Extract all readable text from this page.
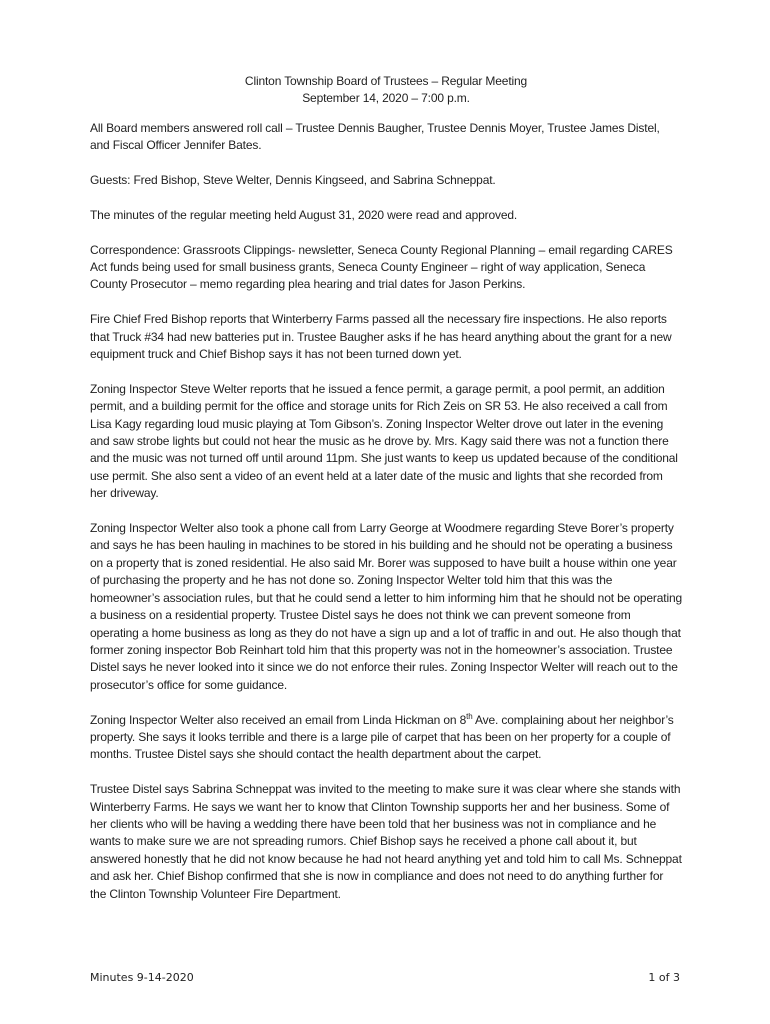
Clinton Township Board of Trustees – Regular Meeting
September 14, 2020 – 7:00 p.m.

All Board members answered roll call – Trustee Dennis Baugher, Trustee Dennis Moyer, Trustee James Distel, and Fiscal Officer Jennifer Bates.

Guests: Fred Bishop, Steve Welter, Dennis Kingseed, and Sabrina Schneppat.

The minutes of the regular meeting held August 31, 2020 were read and approved.

Correspondence: Grassroots Clippings- newsletter, Seneca County Regional Planning – email regarding CARES Act funds being used for small business grants, Seneca County Engineer – right of way application, Seneca County Prosecutor – memo regarding plea hearing and trial dates for Jason Perkins.

Fire Chief Fred Bishop reports that Winterberry Farms passed all the necessary fire inspections. He also reports that Truck #34 had new batteries put in. Trustee Baugher asks if he has heard anything about the grant for a new equipment truck and Chief Bishop says it has not been turned down yet.

Zoning Inspector Steve Welter reports that he issued a fence permit, a garage permit, a pool permit, an addition permit, and a building permit for the office and storage units for Rich Zeis on SR 53. He also received a call from Lisa Kagy regarding loud music playing at Tom Gibson’s. Zoning Inspector Welter drove out later in the evening and saw strobe lights but could not hear the music as he drove by. Mrs. Kagy said there was not a function there and the music was not turned off until around 11pm. She just wants to keep us updated because of the conditional use permit. She also sent a video of an event held at a later date of the music and lights that she recorded from her driveway.

Zoning Inspector Welter also took a phone call from Larry George at Woodmere regarding Steve Borer’s property and says he has been hauling in machines to be stored in his building and he should not be operating a business on a property that is zoned residential. He also said Mr. Borer was supposed to have built a house within one year of purchasing the property and he has not done so. Zoning Inspector Welter told him that this was the homeowner’s association rules, but that he could send a letter to him informing him that he should not be operating a business on a residential property. Trustee Distel says he does not think we can prevent someone from operating a home business as long as they do not have a sign up and a lot of traffic in and out. He also though that former zoning inspector Bob Reinhart told him that this property was not in the homeowner’s association. Trustee Distel says he never looked into it since we do not enforce their rules. Zoning Inspector Welter will reach out to the prosecutor’s office for some guidance.

Zoning Inspector Welter also received an email from Linda Hickman on 8th Ave. complaining about her neighbor’s property. She says it looks terrible and there is a large pile of carpet that has been on her property for a couple of months. Trustee Distel says she should contact the health department about the carpet.

Trustee Distel says Sabrina Schneppat was invited to the meeting to make sure it was clear where she stands with Winterberry Farms. He says we want her to know that Clinton Township supports her and her business. Some of her clients who will be having a wedding there have been told that her business was not in compliance and he wants to make sure we are not spreading rumors. Chief Bishop says he received a phone call about it, but answered honestly that he did not know because he had not heard anything yet and told him to call Ms. Schneppat and ask her. Chief Bishop confirmed that she is now in compliance and does not need to do anything further for the Clinton Township Volunteer Fire Department.

Minutes 9-14-2020	1 of 3
